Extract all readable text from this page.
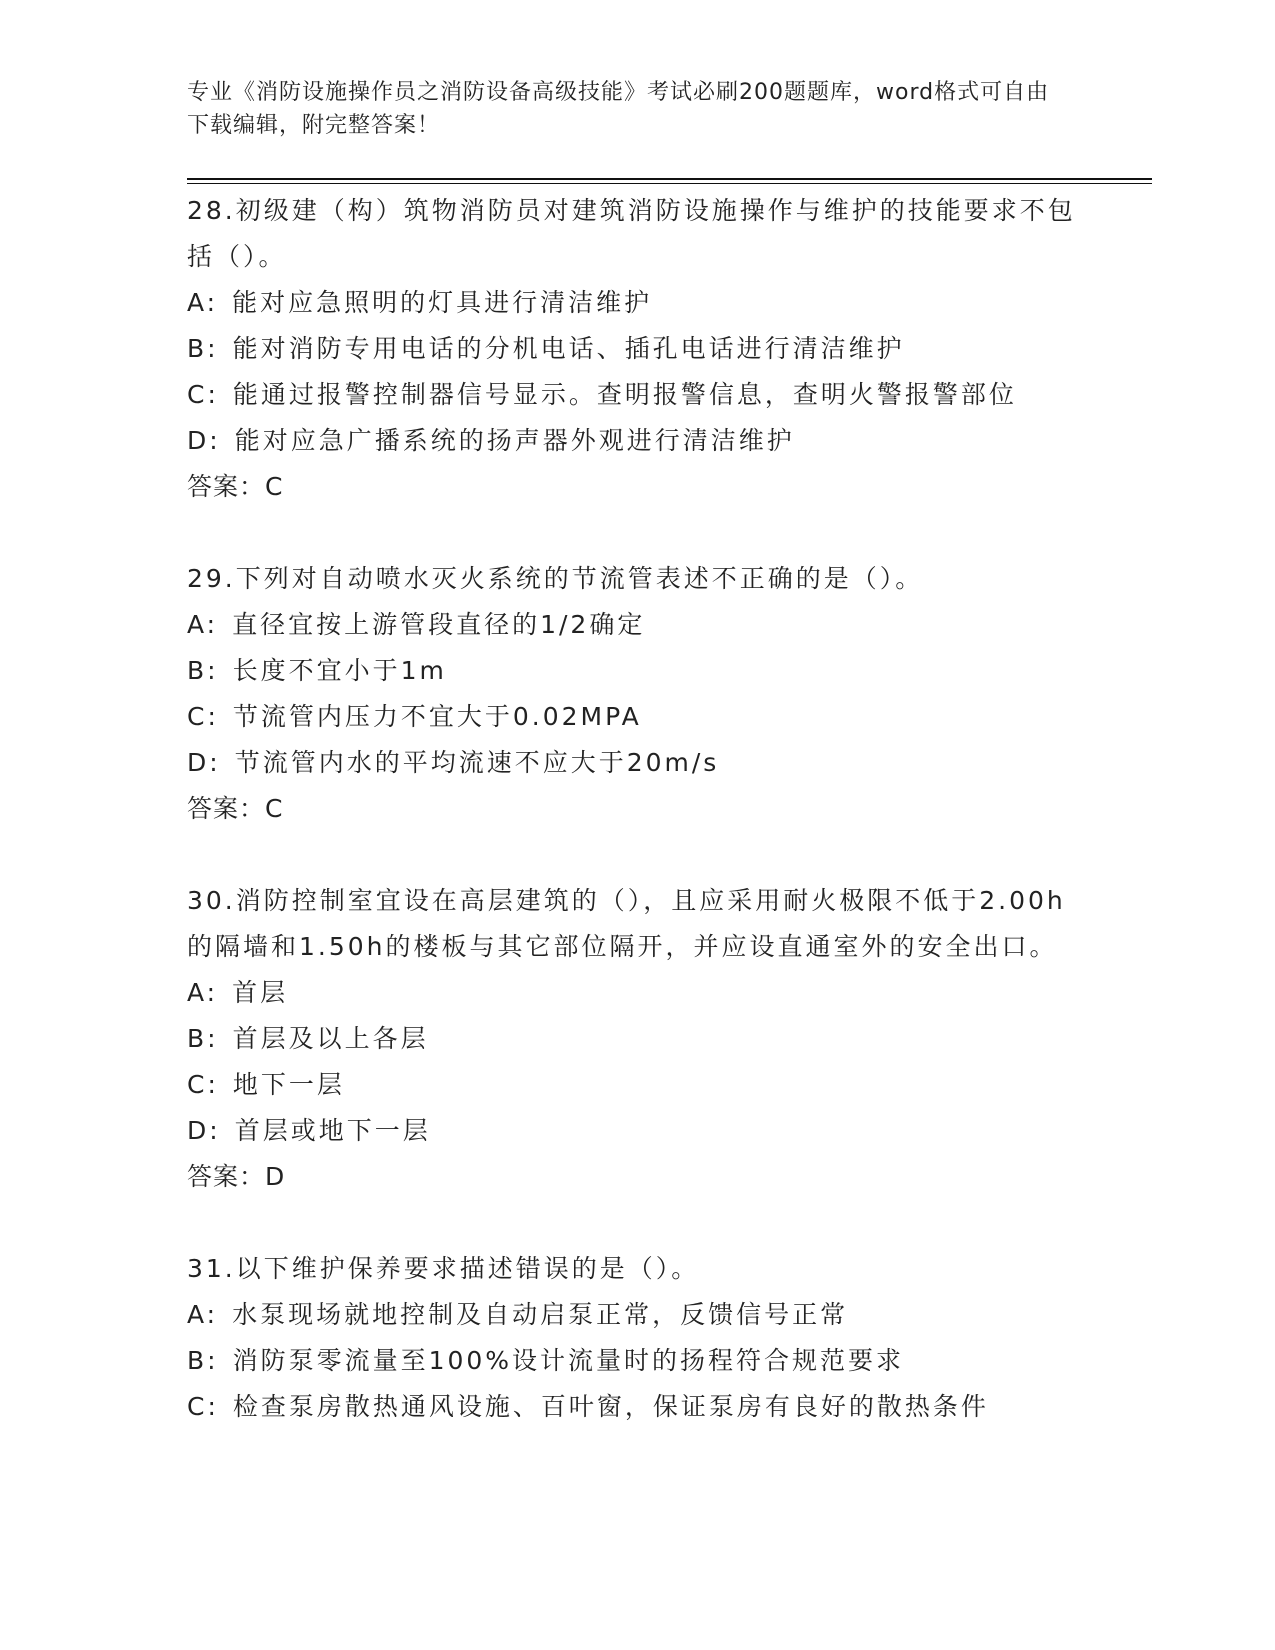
专业《消防设施操作员之消防设备高级技能》考试必刷200题题库，word格式可自由下载编辑，附完整答案！
28.初级建（构）筑物消防员对建筑消防设施操作与维护的技能要求不包括（）。
A: 能对应急照明的灯具进行清洁维护
B: 能对消防专用电话的分机电话、插孔电话进行清洁维护
C: 能通过报警控制器信号显示。查明报警信息，查明火警报警部位
D: 能对应急广播系统的扬声器外观进行清洁维护
答案：C
29.下列对自动喷水灭火系统的节流管表述不正确的是（）。
A: 直径宜按上游管段直径的1/2确定
B: 长度不宜小于1m
C: 节流管内压力不宜大于0.02MPA
D: 节流管内水的平均流速不应大于20m/s
答案：C
30.消防控制室宜设在高层建筑的（），且应采用耐火极限不低于2.00h的隔墙和1.50h的楼板与其它部位隔开，并应设直通室外的安全出口。
A: 首层
B: 首层及以上各层
C: 地下一层
D: 首层或地下一层
答案：D
31.以下维护保养要求描述错误的是（）。
A: 水泵现场就地控制及自动启泵正常，反馈信号正常
B: 消防泵零流量至100%设计流量时的扬程符合规范要求
C: 检查泵房散热通风设施、百叶窗，保证泵房有良好的散热条件
